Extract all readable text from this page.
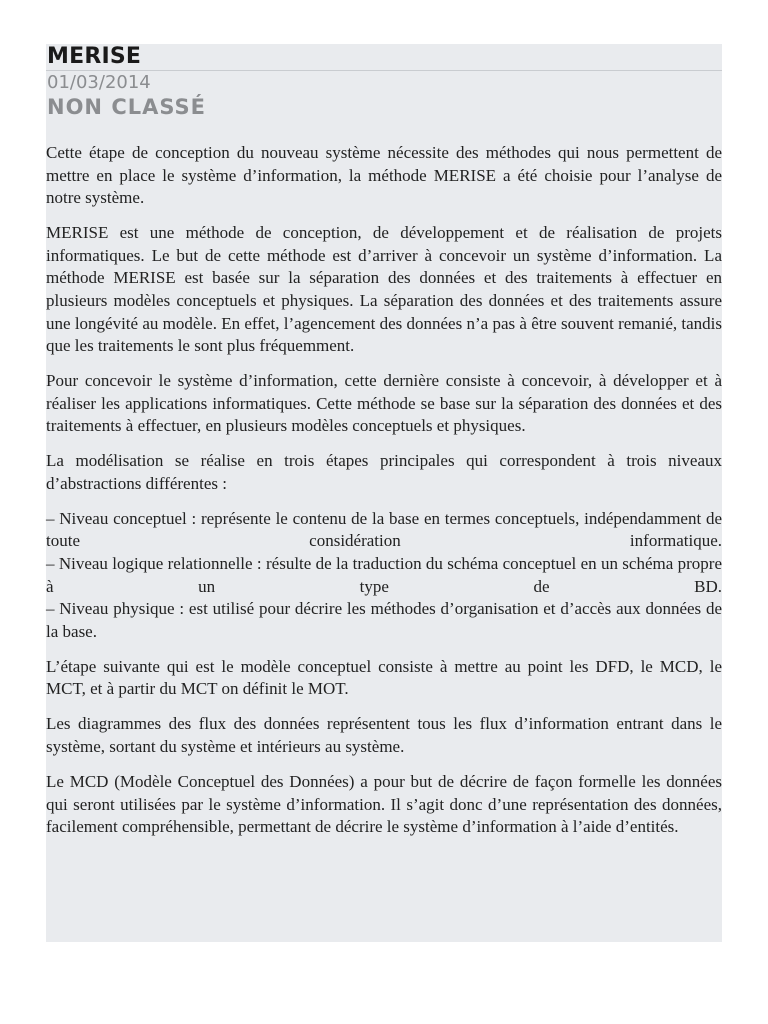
MERISE
01/03/2014
NON CLASSÉ

Cette étape de conception du nouveau système nécessite des méthodes qui nous permettent de mettre en place le système d’information, la méthode MERISE a été choisie pour l’analyse de notre système.

MERISE est une méthode de conception, de développement et de réalisation de projets informatiques. Le but de cette méthode est d’arriver à concevoir un système d’information. La méthode MERISE est basée sur la séparation des données et des traitements à effectuer en plusieurs modèles conceptuels et physiques. La séparation des données et des traitements assure une longévité au modèle. En effet, l’agencement des données n’a pas à être souvent remanié, tandis que les traitements le sont plus fréquemment.

Pour concevoir le système d’information, cette dernière consiste à concevoir, à développer et à réaliser les applications informatiques. Cette méthode se base sur la séparation des données et des traitements à effectuer, en plusieurs modèles conceptuels et physiques.

La modélisation se réalise en trois étapes principales qui correspondent à trois niveaux d’abstractions différentes :

– Niveau conceptuel : représente le contenu de la base en termes conceptuels, indépendamment de toute considération informatique.

– Niveau logique relationnelle : résulte de la traduction du schéma conceptuel en un schéma propre à un type de BD.

– Niveau physique : est utilisé pour décrire les méthodes d’organisation et d’accès aux données de la base.

L’étape suivante qui est le modèle conceptuel consiste à mettre au point les DFD, le MCD, le MCT, et à partir du MCT on définit le MOT.

Les diagrammes des flux des données représentent tous les flux d’information entrant dans le système, sortant du système et intérieurs au système.

Le MCD (Modèle Conceptuel des Données) a pour but de décrire de façon formelle les données qui seront utilisées par le système d’information. Il s’agit donc d’une représentation des données, facilement compréhensible, permettant de décrire le système d’information à l’aide d’entités.
